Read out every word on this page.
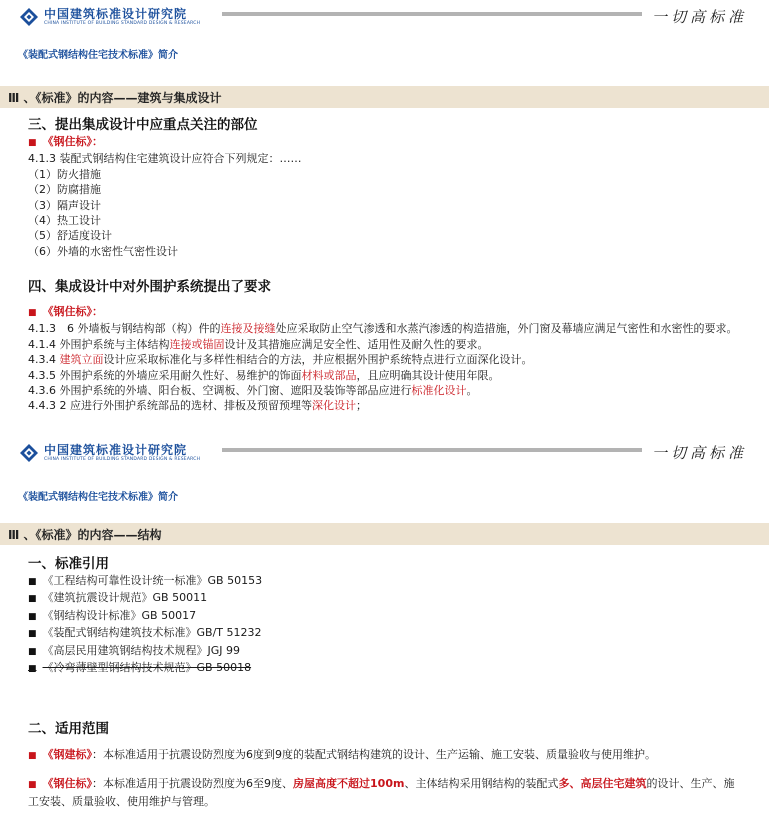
中国建筑标准设计研究院
CHINA INSTITUTE OF BUILDING STANDARD DESIGN & RESEARCH	一切高标准
《装配式钢结构住宅技术标准》简介
Ⅲ 、《标准》的内容——建筑与集成设计
三、提出集成设计中应重点关注的部位
■ 《钢住标》：
4.1.3 装配式钢结构住宅建筑设计应符合下列规定：……
（1）防火措施
（2）防腐措施
（3）隔声设计
（4）热工设计
（5）舒适度设计
（6）外墙的水密性气密性设计
四、集成设计中对外围护系统提出了要求
■ 《钢住标》：
4.1.3　6 外墙板与钢结构部（构）件的连接及接缝处应采取防止空气渗透和水蒸汽渗透的构造措施，外门窗及幕墙应满足气密性和水密性的要求。
4.1.4 外围护系统与主体结构连接或锚固设计及其措施应满足安全性、适用性及耐久性的要求。
4.3.4 建筑立面设计应采取标准化与多样性相结合的方法，并应根据外围护系统特点进行立面深化设计。
4.3.5 外围护系统的外墙应采用耐久性好、易维护的饰面材料或部品，且应明确其设计使用年限。
4.3.6 外围护系统的外墙、阳台板、空调板、外门窗、遮阳及装饰等部品应进行标准化设计。
4.4.3 2 应进行外围护系统部品的选材、排板及预留预埋等深化设计；
中国建筑标准设计研究院
CHINA INSTITUTE OF BUILDING STANDARD DESIGN & RESEARCH	一切高标准
《装配式钢结构住宅技术标准》简介
Ⅲ 、《标准》的内容——结构
一、标准引用
■ 《工程结构可靠性设计统一标准》GB 50153
■ 《建筑抗震设计规范》GB 50011
■ 《钢结构设计标准》GB 50017
■ 《装配式钢结构建筑技术标准》GB/T 51232
■ 《高层民用建筑钢结构技术规程》JGJ 99
■ 《冷弯薄壁型钢结构技术规范》GB 50018
二、适用范围
■ 《钢建标》：本标准适用于抗震设防烈度为6度到9度的装配式钢结构建筑的设计、生产运输、施工安装、质量验收与使用维护。
■ 《钢住标》：本标准适用于抗震设防烈度为6至9度、房屋高度不超过100m、主体结构采用钢结构的装配式多、高层住宅建筑的设计、生产、施工安装、质量验收、使用维护与管理。
